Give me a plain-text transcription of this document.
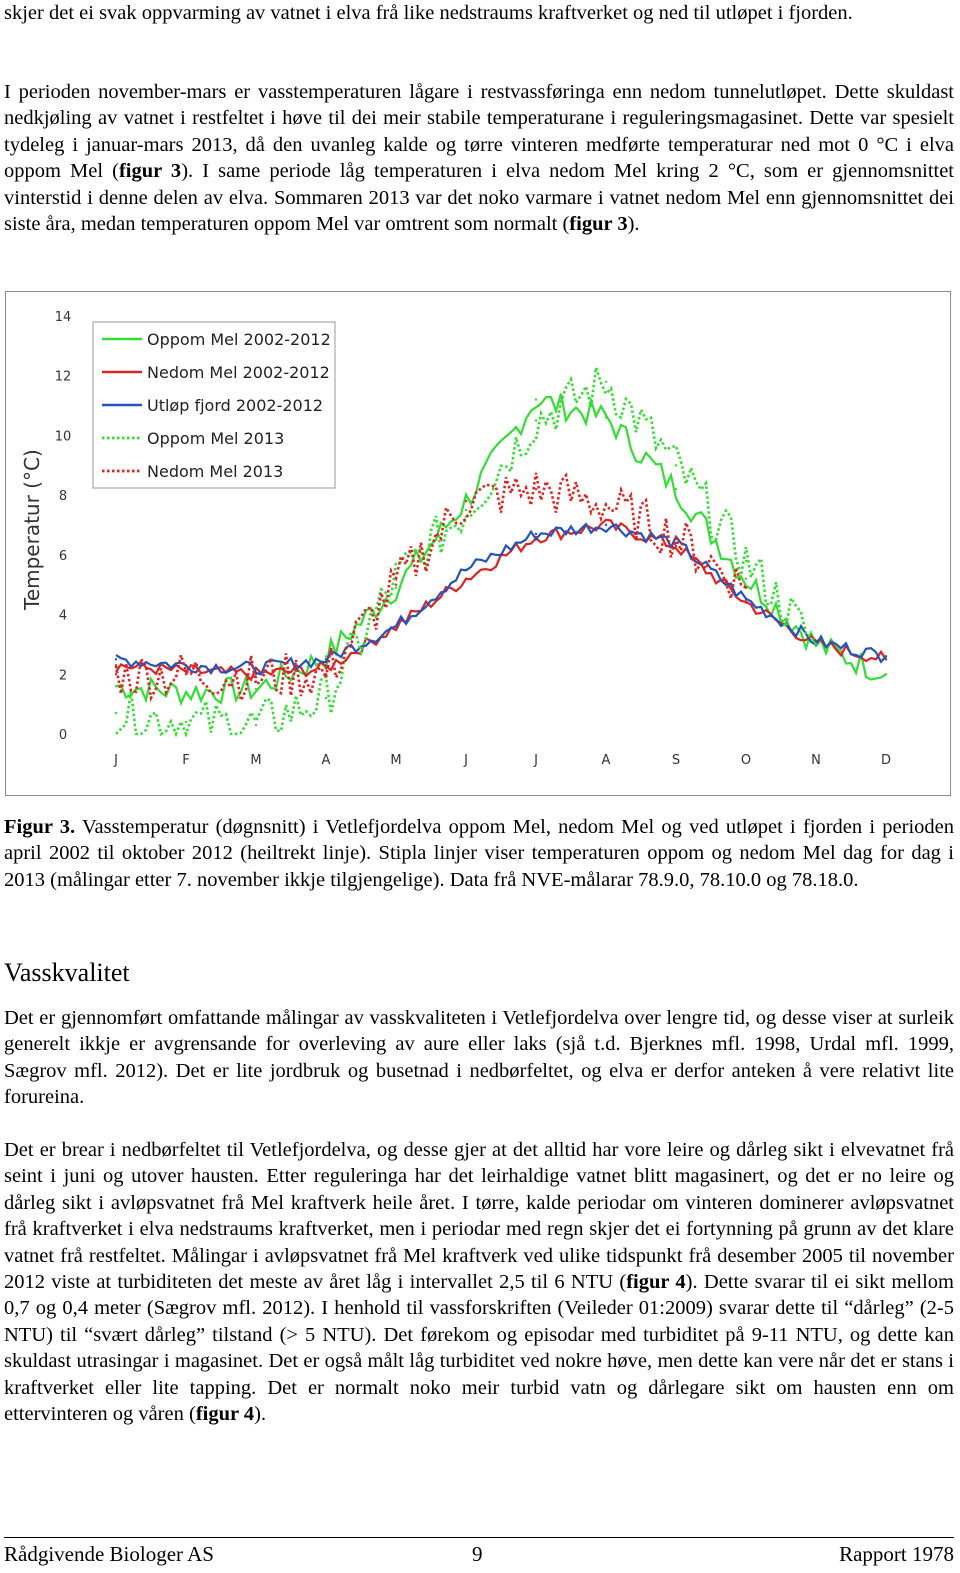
skjer det ei svak oppvarming av vatnet i elva frå like nedstraums kraftverket og ned til utløpet i fjorden.

I perioden november-mars er vasstemperaturen lågare i restvassføringa enn nedom tunnelutløpet. Dette skuldast nedkjøling av vatnet i restfeltet i høve til dei meir stabile temperaturane i reguleringsmagasinet. Dette var spesielt tydeleg i januar-mars 2013, då den uvanleg kalde og tørre vinteren medførte temperaturar ned mot 0 °C i elva oppom Mel (figur 3). I same periode låg temperaturen i elva nedom Mel kring 2 °C, som er gjennomsnittet vinterstid i denne delen av elva. Sommaren 2013 var det noko varmare i vatnet nedom Mel enn gjennomsnittet dei siste åra, medan temperaturen oppom Mel var omtrent som normalt (figur 3).

Temperatur (°C)
0
2
4
6
8
10
12
14
J	F	M	A	M	J	J	A	S	O	N	D
Oppom Mel 2002-2012
Nedom Mel 2002-2012
Utløp fjord 2002-2012
Oppom Mel 2013
Nedom Mel 2013

Figur 3. Vasstemperatur (døgnsnitt) i Vetlefjordelva oppom Mel, nedom Mel og ved utløpet i fjorden i perioden april 2002 til oktober 2012 (heiltrekt linje). Stipla linjer viser temperaturen oppom og nedom Mel dag for dag i 2013 (målingar etter 7. november ikkje tilgjengelige). Data frå NVE-målarar 78.9.0, 78.10.0 og 78.18.0.

Vasskvalitet

Det er gjennomført omfattande målingar av vasskvaliteten i Vetlefjordelva over lengre tid, og desse viser at surleik generelt ikkje er avgrensande for overleving av aure eller laks (sjå t.d. Bjerknes mfl. 1998, Urdal mfl. 1999, Sægrov mfl. 2012). Det er lite jordbruk og busetnad i nedbørfeltet, og elva er derfor anteken å vere relativt lite forureina.

Det er brear i nedbørfeltet til Vetlefjordelva, og desse gjer at det alltid har vore leire og dårleg sikt i elvevatnet frå seint i juni og utover hausten. Etter reguleringa har det leirhaldige vatnet blitt magasinert, og det er no leire og dårleg sikt i avløpsvatnet frå Mel kraftverk heile året. I tørre, kalde periodar om vinteren dominerer avløpsvatnet frå kraftverket i elva nedstraums kraftverket, men i periodar med regn skjer det ei fortynning på grunn av det klare vatnet frå restfeltet. Målingar i avløpsvatnet frå Mel kraftverk ved ulike tidspunkt frå desember 2005 til november 2012 viste at turbiditeten det meste av året låg i intervallet 2,5 til 6 NTU (figur 4). Dette svarar til ei sikt mellom 0,7 og 0,4 meter (Sægrov mfl. 2012). I henhold til vassforskriften (Veileder 01:2009) svarar dette til “dårleg” (2-5 NTU) til “svært dårleg” tilstand (> 5 NTU). Det førekom og episodar med turbiditet på 9-11 NTU, og dette kan skuldast utrasingar i magasinet. Det er også målt låg turbiditet ved nokre høve, men dette kan vere når det er stans i kraftverket eller lite tapping. Det er normalt noko meir turbid vatn og dårlegare sikt om hausten enn om ettervinteren og våren (figur 4).

Rådgivende Biologer AS	9	Rapport 1978
